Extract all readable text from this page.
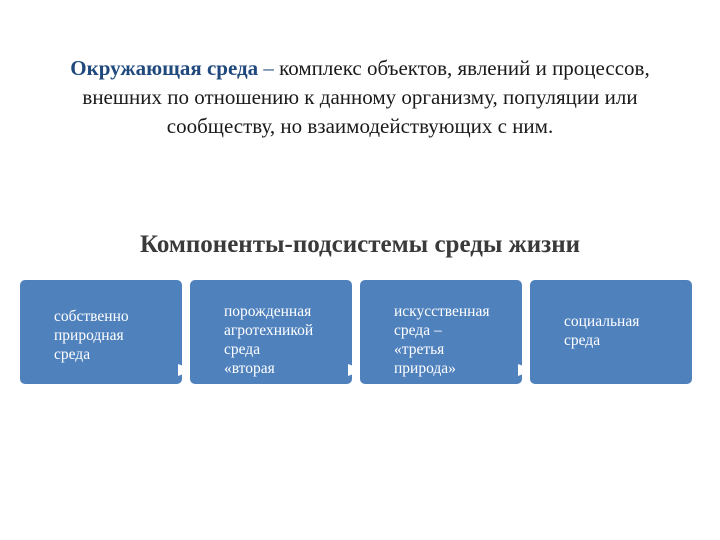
Окружающая среда – комплекс объектов, явлений и процессов, внешних по отношению к данному организму, популяции или сообществу, но взаимодействующих с ним.
Компоненты-подсистемы среды жизни

собственно
природная
среда

порожденная
агротехникой
среда
«вторая
природа»

искусственная
среда –
«третья
природа»

социальная
среда
